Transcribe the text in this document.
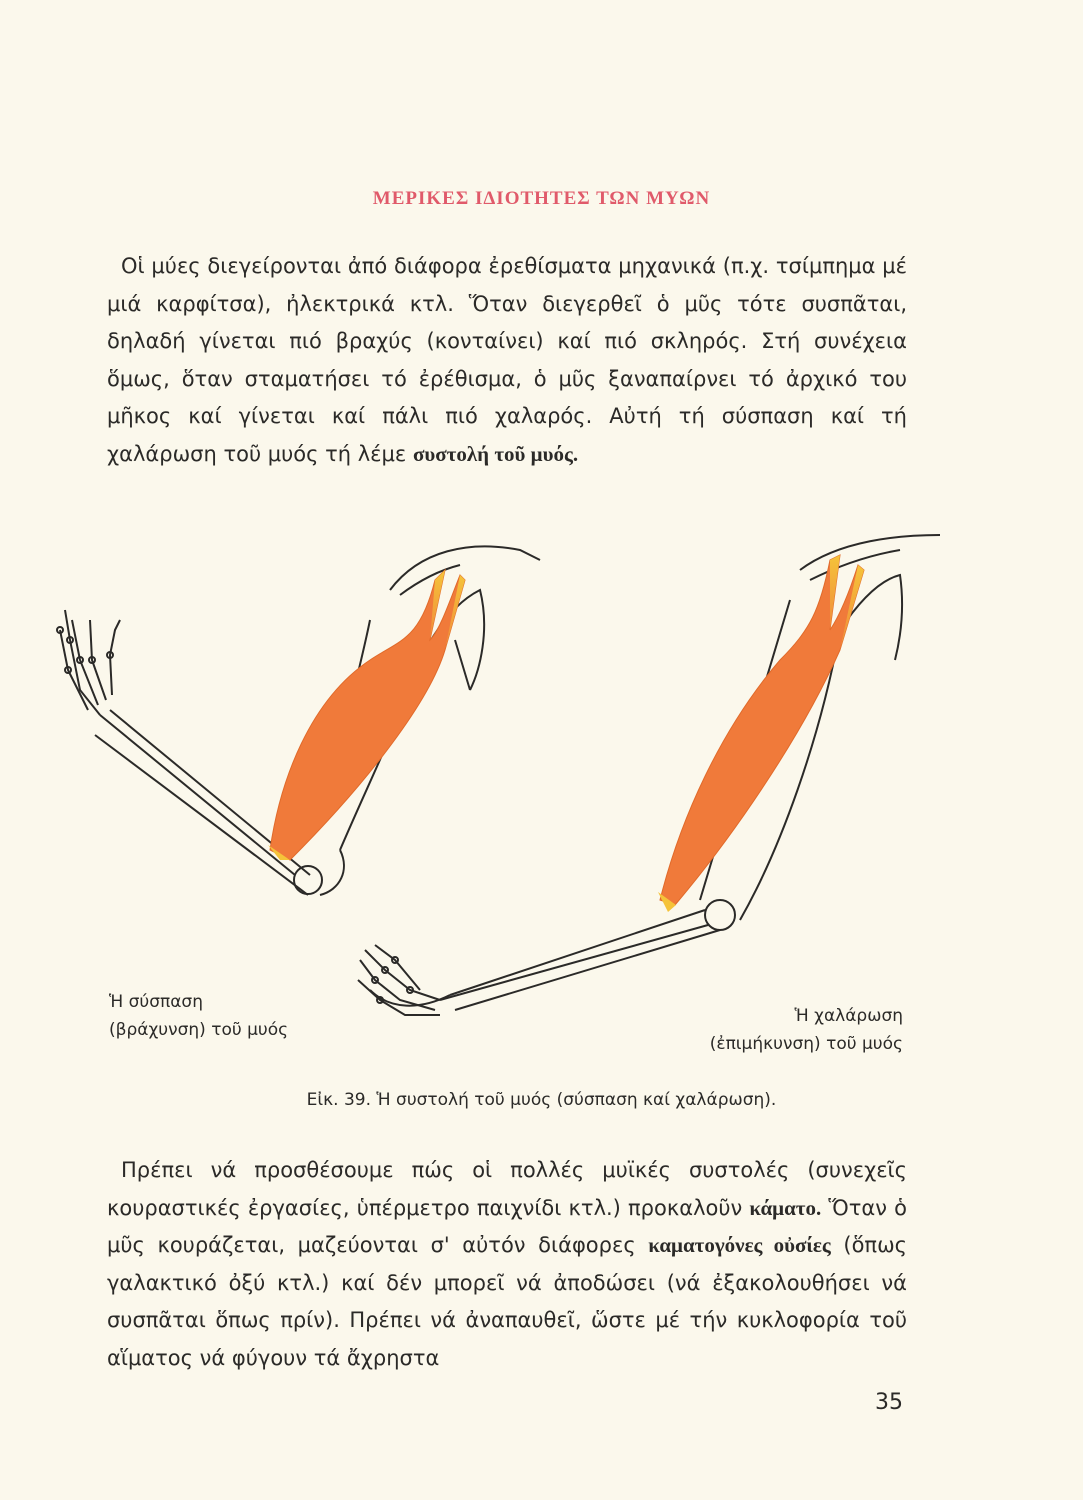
ΜΕΡΙΚΕΣ ΙΔΙΟΤΗΤΕΣ ΤΩΝ ΜΥΩΝ

Οἱ μύες διεγείρονται ἀπό διάφορα ἐρεθίσματα μηχανικά (π.χ. τσίμπημα μέ μιά καρφίτσα), ἠλεκτρικά κτλ. Ὅταν διεγερθεῖ ὁ μῦς τότε συσπᾶται, δηλαδή γίνεται πιό βραχύς (κονταίνει) καί πιό σκληρός. Στή συνέχεια ὅμως, ὅταν σταματήσει τό ἐρέθισμα, ὁ μῦς ξαναπαίρνει τό ἀρχικό του μῆκος καί γίνεται καί πάλι πιό χαλαρός. Αὐτή τή σύσπαση καί τή χαλάρωση τοῦ μυός τή λέμε συστολή τοῦ μυός.

Ἡ σύσπαση
(βράχυνση) τοῦ μυός
Ἡ χαλάρωση
(ἐπιμήκυνση) τοῦ μυός
Εἰκ. 39. Ἡ συστολή τοῦ μυός (σύσπαση καί χαλάρωση).

Πρέπει νά προσθέσουμε πώς οἱ πολλές μυϊκές συστολές (συνεχεῖς κουραστικές ἐργασίες, ὑπέρμετρο παιχνίδι κτλ.) προκαλοῦν κάματο. Ὅταν ὁ μῦς κουράζεται, μαζεύονται σ' αὐτόν διάφορες καματογόνες οὐσίες (ὅπως γαλακτικό ὀξύ κτλ.) καί δέν μπορεῖ νά ἀποδώσει (νά ἐξακολουθήσει νά συσπᾶται ὅπως πρίν). Πρέπει νά ἀναπαυθεῖ, ὥστε μέ τήν κυκλοφορία τοῦ αἵματος νά φύγουν τά ἄχρηστα

35
